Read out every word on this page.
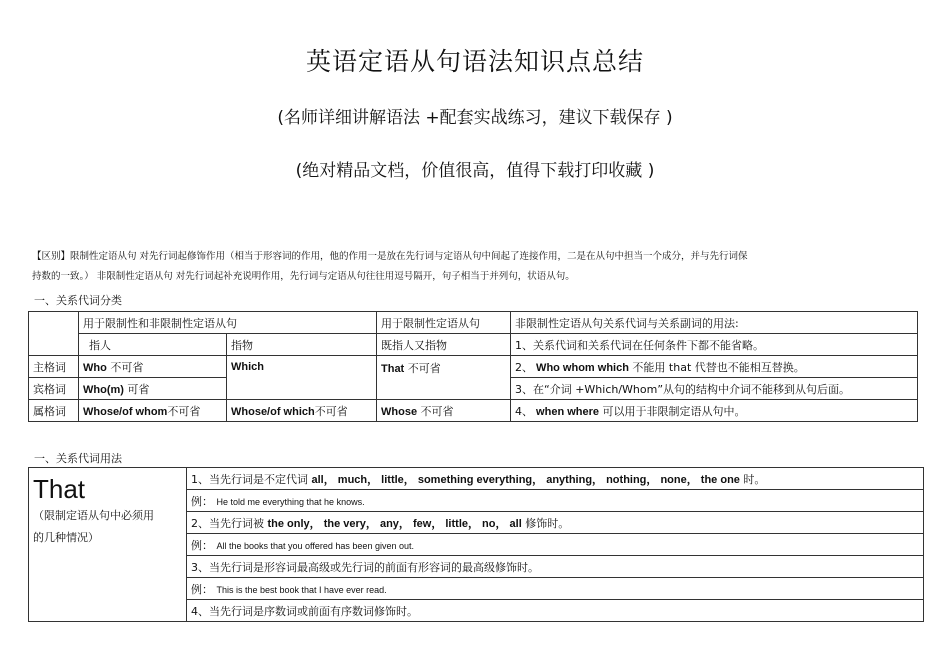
英语定语从句语法知识点总结
(名师详细讲解语法 +配套实战练习，建议下载保存 )
(绝对精品文档，价值很高，值得下载打印收藏 )
【区别】限制性定语从句 对先行词起修饰作用（相当于形容词的作用，他的作用一是放在先行词与定语从句中间起了连接作用，二是在从句中担当一个成分，并与先行词保
持数的一致。） 非限制性定语从句 对先行词起补充说明作用，先行词与定语从句往往用逗号隔开，句子相当于并列句，状语从句。
一、关系代词分类
	用于限制性和非限制性定语从句		用于限制性定语从句	非限制性定语从句关系代词与关系副词的用法:
	指人	指物	既指人又指物	1、关系代词和关系代词在任何条件下都不能省略。
主格词	Who 不可省	Which	That 不可省	2、 Who whom which 不能用 that 代替也不能相互替换。
宾格词	Who(m) 可省			3、在“介词 +Which/Whom”从句的结构中介词不能移到从句后面。
属格词	Whose/of whom不可省	Whose/of which不可省	Whose 不可省	4、 when where 可以用于非限制定语从句中。
一、关系代词用法
That
（限制定语从句中必须用
的几种情况）
	1、当先行词是不定代词 all， much， little， something everything， anything， nothing， none， the one 时。
例： He told me everything that he knows.
2、当先行词被 the only， the very， any， few， little， no， all 修饰时。
例： All the books that you offered has been given out.
3、当先行词是形容词最高级或先行词的前面有形容词的最高级修饰时。
例： This is the best book that I have ever read.
4、当先行词是序数词或前面有序数词修饰时。
